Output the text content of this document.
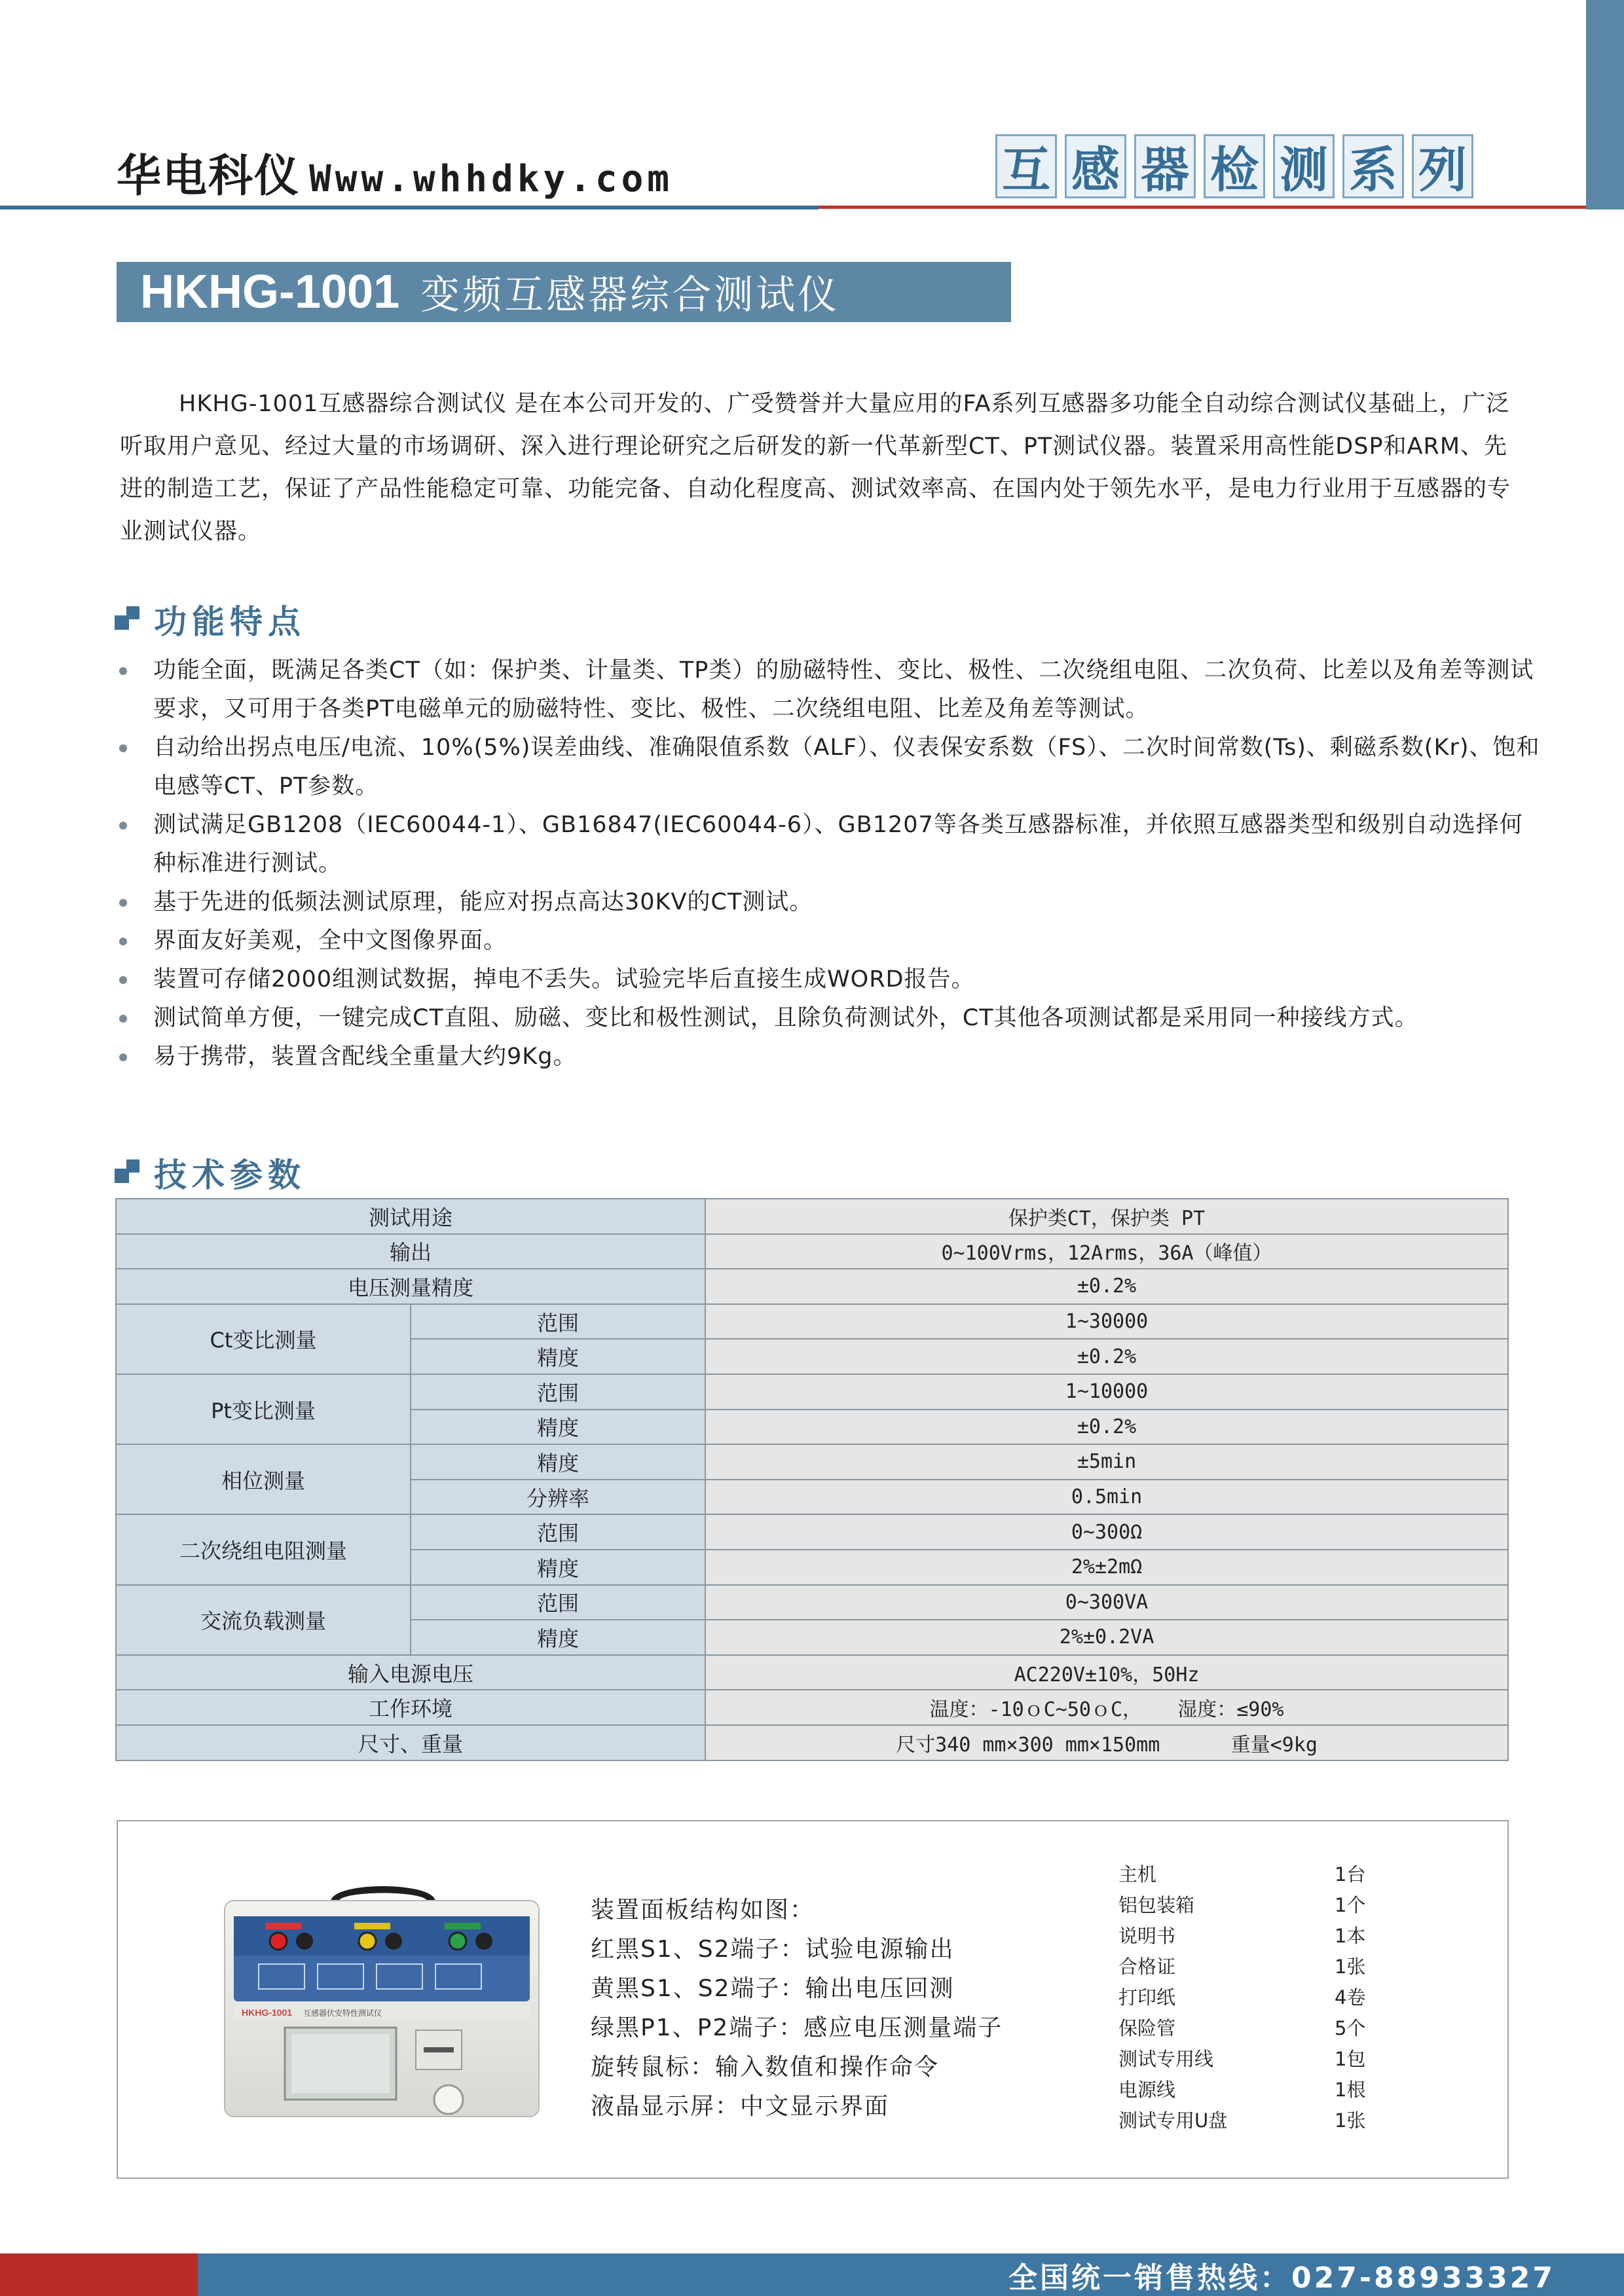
华电科仪 Www.whhdky.com	互 感 器 检 测 系 列
HKHG-1001 变频互感器综合测试仪
HKHG-1001互感器综合测试仪 是在本公司开发的、广受赞誉并大量应用的FA系列互感器多功能全自动综合测试仪基础上，广泛听取用户意见、经过大量的市场调研、深入进行理论研究之后研发的新一代革新型CT、PT测试仪器。装置采用高性能DSP和ARM、先进的制造工艺，保证了产品性能稳定可靠、功能完备、自动化程度高、测试效率高、在国内处于领先水平，是电力行业用于互感器的专业测试仪器。
功能特点
功能全面，既满足各类CT（如：保护类、计量类、TP类）的励磁特性、变比、极性、二次绕组电阻、二次负荷、比差以及角差等测试要求，又可用于各类PT电磁单元的励磁特性、变比、极性、二次绕组电阻、比差及角差等测试。
自动给出拐点电压/电流、10%(5%)误差曲线、准确限值系数（ALF）、仪表保安系数（FS）、二次时间常数(Ts)、剩磁系数(Kr)、饱和电感等CT、PT参数。
测试满足GB1208（IEC60044-1）、GB16847(IEC60044-6）、GB1207等各类互感器标准，并依照互感器类型和级别自动选择何种标准进行测试。
基于先进的低频法测试原理，能应对拐点高达30KV的CT测试。
界面友好美观，全中文图像界面。
装置可存储2000组测试数据，掉电不丢失。试验完毕后直接生成WORD报告。
测试简单方便，一键完成CT直阻、励磁、变比和极性测试，且除负荷测试外，CT其他各项测试都是采用同一种接线方式。
易于携带，装置含配线全重量大约9Kg。
技术参数
测试用途		保护类CT，保护类 PT
输出		0~100Vrms，12Arms，36A（峰值）
电压测量精度		±0.2%
Ct变比测量	范围	1~30000
	精度	±0.2%
Pt变比测量	范围	1~10000
	精度	±0.2%
相位测量	精度	±5min
	分辨率	0.5min
二次绕组电阻测量	范围	0~300Ω
	精度	2%±2mΩ
交流负载测量	范围	0~300VA
	精度	2%±0.2VA
输入电源电压		AC220V±10%，50Hz
工作环境		温度：-10ｏC~50ｏC，   湿度：≤90%
尺寸、重量		尺寸340 mm×300 mm×150mm      重量<9kg
HKHG-1001 互感器伏安特性测试仪
装置面板结构如图：
红黑S1、S2端子：试验电源输出
黄黑S1、S2端子：输出电压回测
绿黑P1、P2端子：感应电压测量端子
旋转鼠标：输入数值和操作命令
液晶显示屏：中文显示界面
主机	1台
铝包装箱	1个
说明书	1本
合格证	1张
打印纸	4卷
保险管	5个
测试专用线	1包
电源线	1根
测试专用U盘	1张
全国统一销售热线：027-88933327
